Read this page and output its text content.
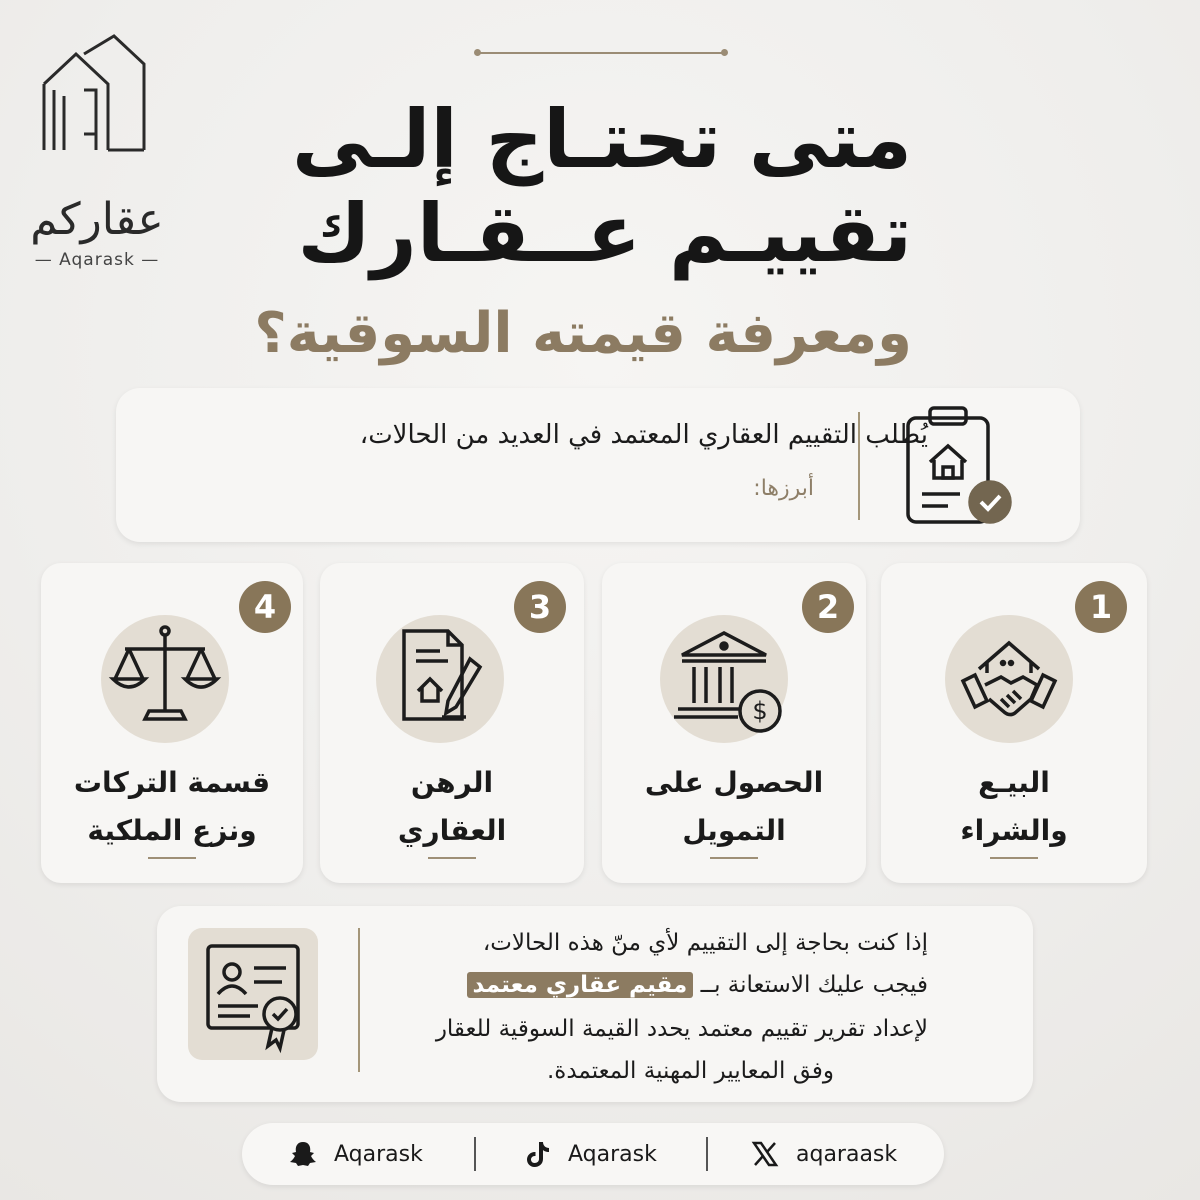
عقاركم
— Aqarask —
متى تحتـاج إلـى
تقييـم عــقـارك
ومعرفة قيمته السوقية؟
يُطلب التقييم العقاري المعتمد في العديد من الحالات،
أبرزها:
1
البيـع
والشراء
2
$
الحصول على
التمويل
3
الرهن
العقاري
4
قسمة التركات
ونزع الملكية
إذا كنت بحاجة إلى التقييم لأي منّ هذه الحالات،
فيجب عليك الاستعانة بــ مقيم عقاري معتمد
لإعداد تقرير تقييم معتمد يحدد القيمة السوقية للعقار
وفق المعايير المهنية المعتمدة.
Aqarask	Aqarask	aqaraask
